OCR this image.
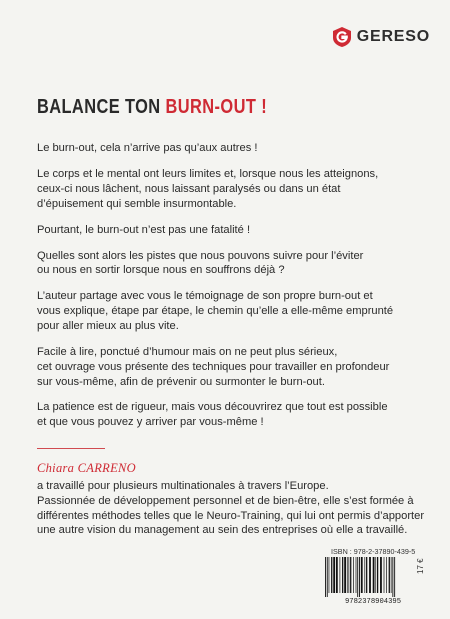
GERESO
BALANCE TON BURN-OUT !

Le burn-out, cela n’arrive pas qu’aux autres !

Le corps et le mental ont leurs limites et, lorsque nous les atteignons,
ceux-ci nous lâchent, nous laissant paralysés ou dans un état
d’épuisement qui semble insurmontable.

Pourtant, le burn-out n’est pas une fatalité !

Quelles sont alors les pistes que nous pouvons suivre pour l’éviter
ou nous en sortir lorsque nous en souffrons déjà ?

L’auteur partage avec vous le témoignage de son propre burn-out et
vous explique, étape par étape, le chemin qu’elle a elle-même emprunté
pour aller mieux au plus vite.

Facile à lire, ponctué d’humour mais on ne peut plus sérieux,
cet ouvrage vous présente des techniques pour travailler en profondeur
sur vous-même, afin de prévenir ou surmonter le burn-out.

La patience est de rigueur, mais vous découvrirez que tout est possible
et que vous pouvez y arriver par vous-même !

Chiara CARRENO
a travaillé pour plusieurs multinationales à travers l’Europe.
Passionnée de développement personnel et de bien-être, elle s’est formée à
différentes méthodes telles que le Neuro-Training, qui lui ont permis d’apporter
une autre vision du management au sein des entreprises où elle a travaillé.
ISBN : 978-2-37890-439-5
9782378904395
17 €
